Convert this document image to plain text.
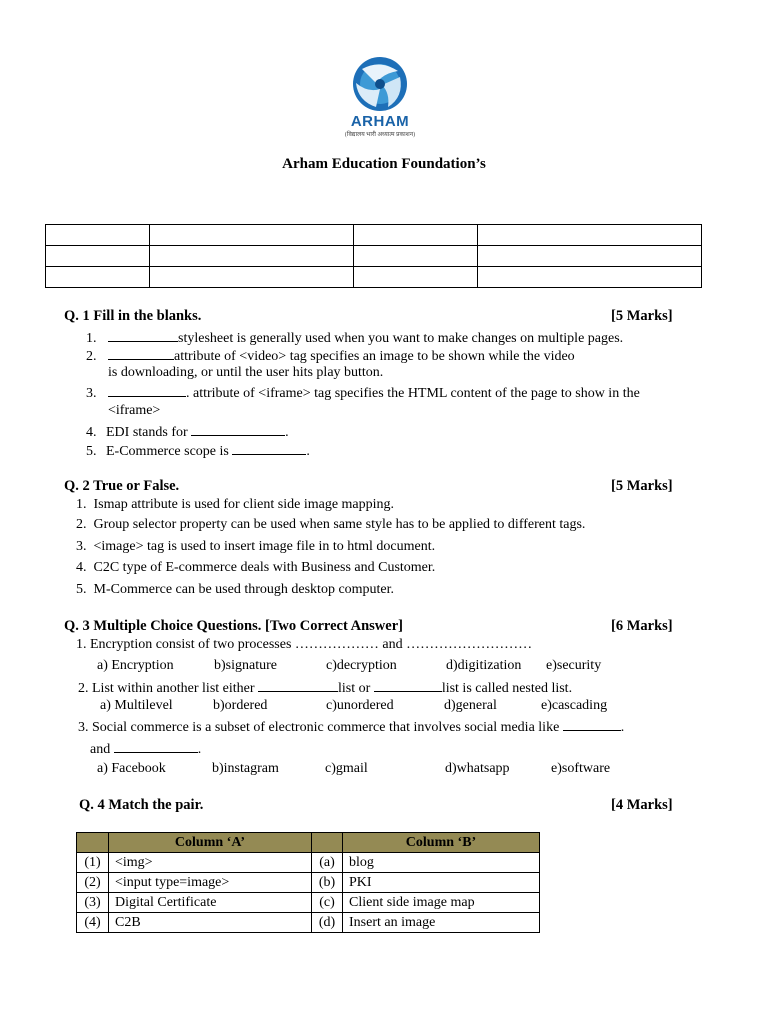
ARHAM
(विद्यालय भारी अध्यात्म प्रकाशन)
Arham Education Foundation’s

Q. 1 Fill in the blanks.	[5 Marks]
1.	stylesheet is generally used when you want to make changes on multiple pages.
2.	attribute of <video> tag specifies an image to be shown while the video
is downloading, or until the user hits play button.
3.	. attribute of <iframe> tag specifies the HTML content of the page to show in the
<iframe>
4. EDI stands for	.
5. E-Commerce scope is	.
Q. 2 True or False.	[5 Marks]
1. Ismap attribute is used for client side image mapping.
2. Group selector property can be used when same style has to be applied to different tags.
3. <image> tag is used to insert image file in to html document.
4. C2C type of E-commerce deals with Business and Customer.
5. M-Commerce can be used through desktop computer.
Q. 3 Multiple Choice Questions. [Two Correct Answer]	[6 Marks]
1. Encryption consist of two processes ……………… and ………………………
a) Encryption	b)signature	c)decryption	d)digitization e)security
2. List within another list either	list or	list is called nested list.
a) Multilevel	b)ordered	c)unordered	d)general	e)cascading
3. Social commerce is a subset of electronic commerce that involves social media like	.
and	.
a) Facebook	b)instagram	c)gmail	d)whatsapp	e)software
Q. 4 Match the pair.	[4 Marks]
	Column ‘A’		Column ‘B’
(1)	<img>	(a)	blog
(2)	<input type=image>	(b)	PKI
(3)	Digital Certificate	(c)	Client side image map
(4)	C2B	(d)	Insert an image
